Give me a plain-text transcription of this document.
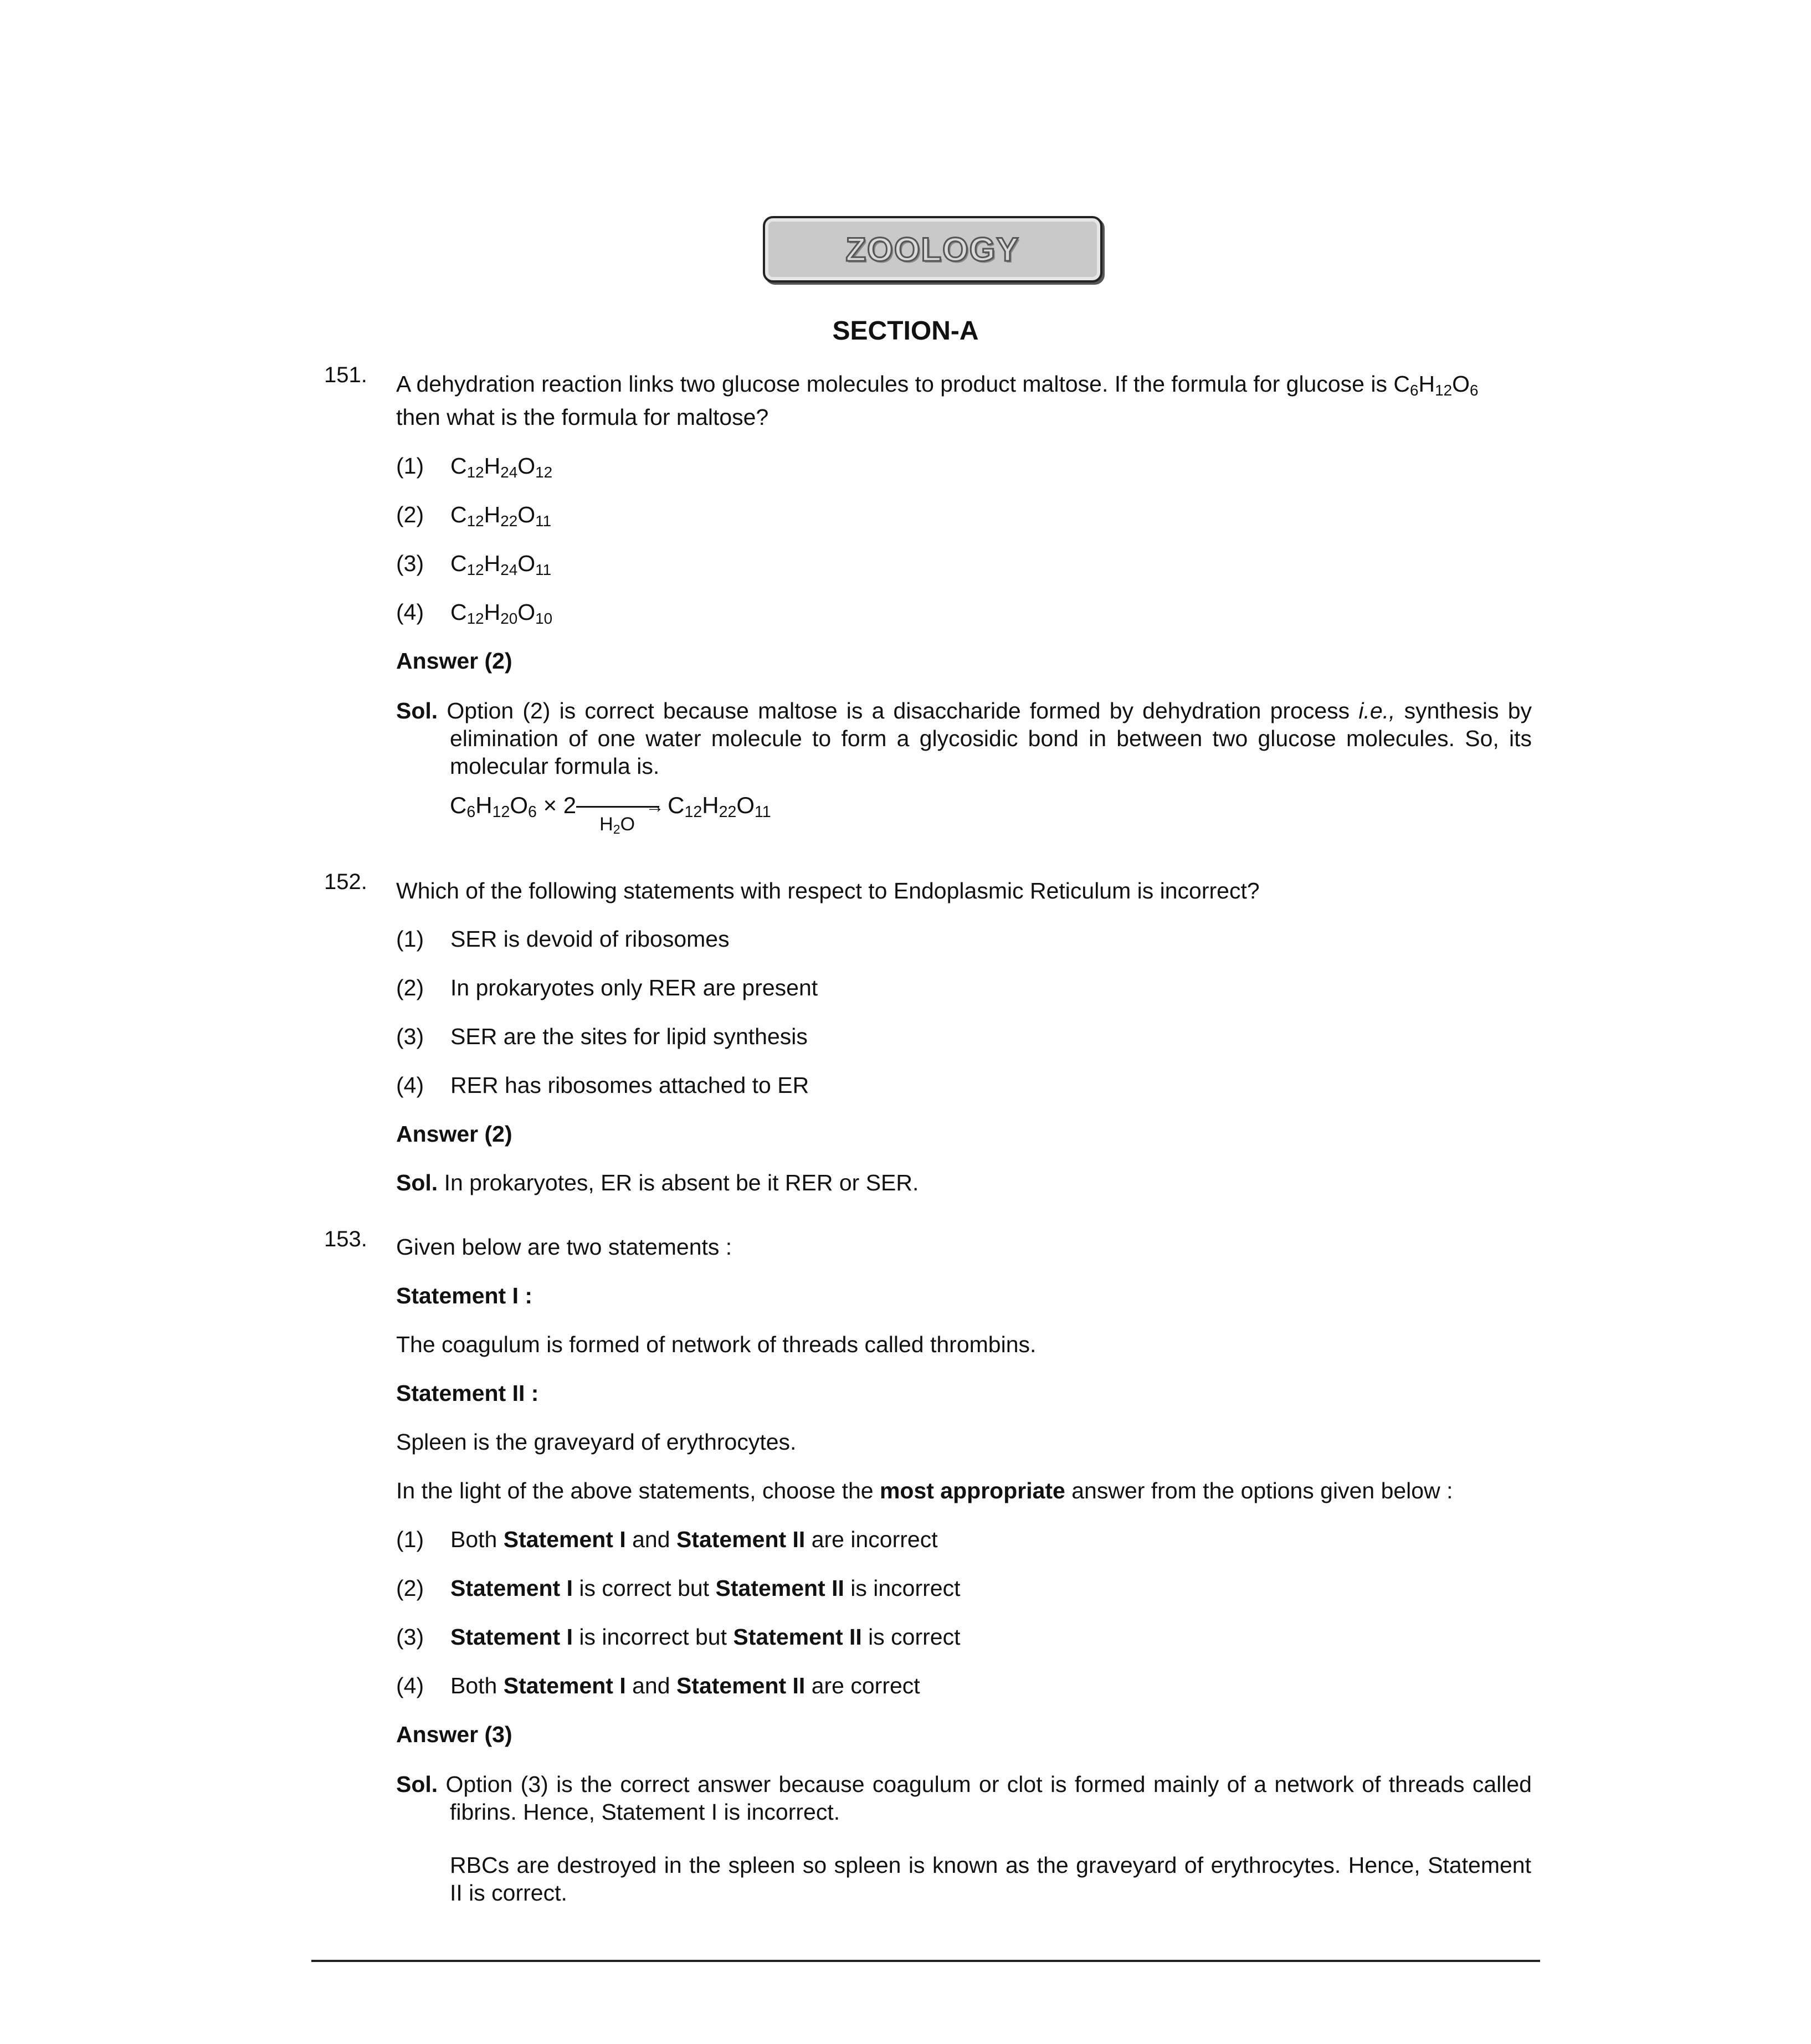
ZOOLOGY
SECTION-A
151. A dehydration reaction links two glucose molecules to product maltose. If the formula for glucose is $C_6H_{12}O_6$
then what is the formula for maltose?
(1) $C_{12}H_{24}O_{12}$
(2) $C_{12}H_{22}O_{11}$
(3) $C_{12}H_{24}O_{11}$
(4) $C_{12}H_{20}O_{10}$
Answer (2)
Sol. Option (2) is correct because maltose is a disaccharide formed by dehydration process i.e., synthesis by elimination of one water molecule to form a glycosidic bond in between two glucose molecules. So, its molecular formula is.
$C_6H_{12}O_6 \times 2$	→
$H_2O$
$C_{12}H_{22}O_{11}$
152. Which of the following statements with respect to Endoplasmic Reticulum is incorrect?
(1) SER is devoid of ribosomes
(2) In prokaryotes only RER are present
(3) SER are the sites for lipid synthesis
(4) RER has ribosomes attached to ER
Answer (2)
Sol. In prokaryotes, ER is absent be it RER or SER.
153. Given below are two statements :
Statement I :
The coagulum is formed of network of threads called thrombins.
Statement II :
Spleen is the graveyard of erythrocytes.
In the light of the above statements, choose the most appropriate answer from the options given below :
(1) Both Statement I and Statement II are incorrect
(2) Statement I is correct but Statement II is incorrect
(3) Statement I is incorrect but Statement II is correct
(4) Both Statement I and Statement II are correct
Answer (3)
Sol. Option (3) is the correct answer because coagulum or clot is formed mainly of a network of threads called fibrins. Hence, Statement I is incorrect.
RBCs are destroyed in the spleen so spleen is known as the graveyard of erythrocytes. Hence, Statement II is correct.
